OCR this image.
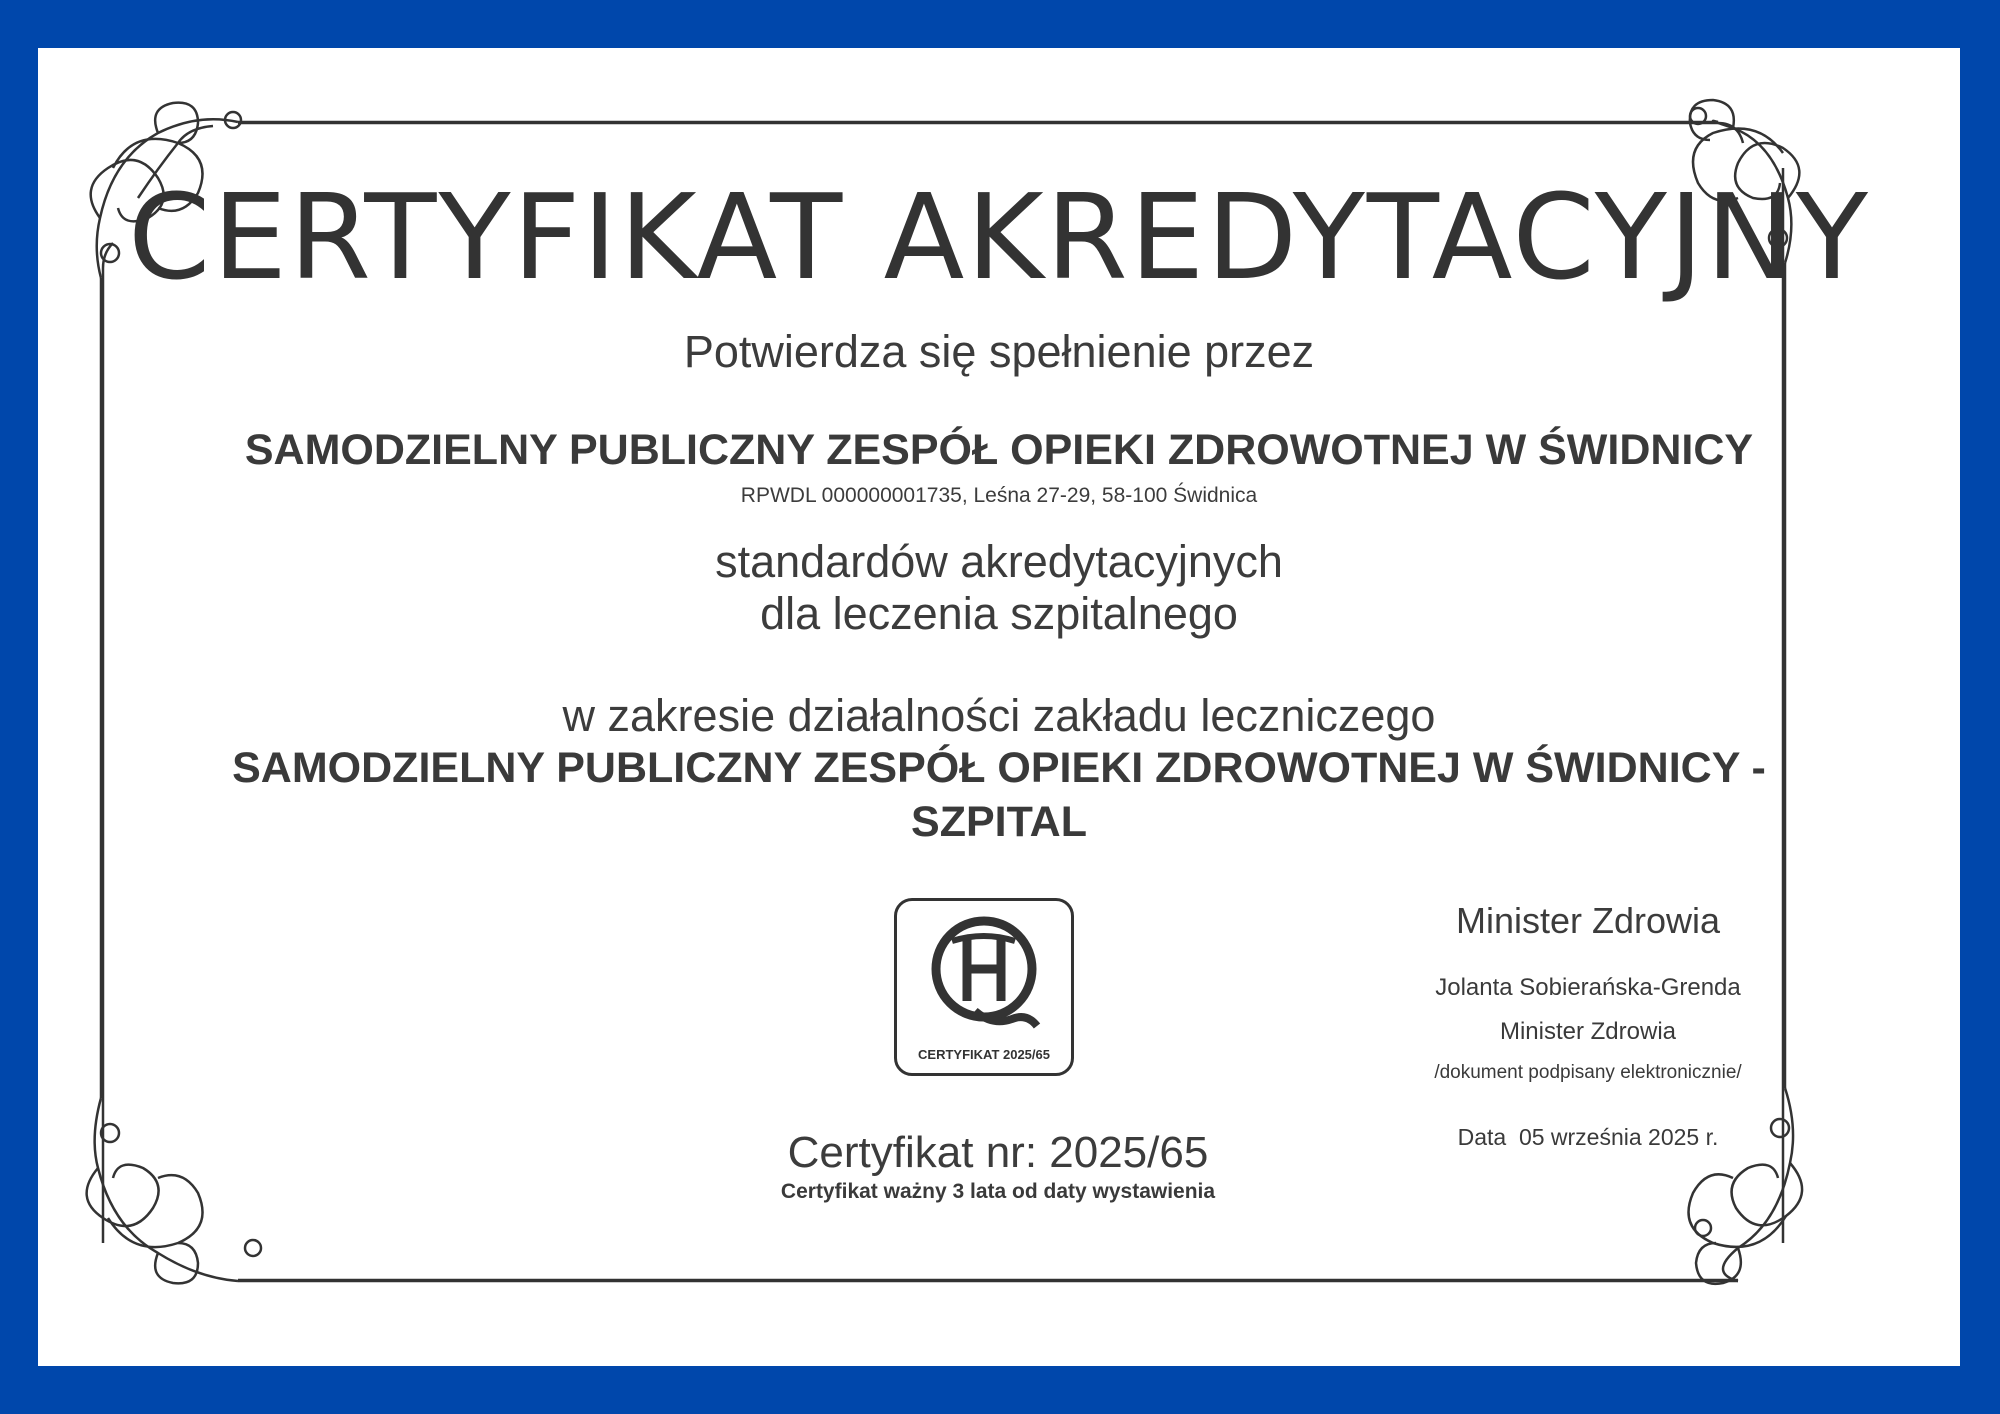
CERTYFIKAT AKREDYTACYJNY

Potwierdza się spełnienie przez

SAMODZIELNY PUBLICZNY ZESPÓŁ OPIEKI ZDROWOTNEJ W ŚWIDNICY

RPWDL 000000001735, Leśna 27-29, 58-100 Świdnica

standardów akredytacyjnych

dla leczenia szpitalnego

w zakresie działalności zakładu leczniczego

SAMODZIELNY PUBLICZNY ZESPÓŁ OPIEKI ZDROWOTNEJ W ŚWIDNICY -

SZPITAL

CERTYFIKAT 2025/65

Certyfikat nr: 2025/65

Certyfikat ważny 3 lata od daty wystawienia

Minister Zdrowia

Jolanta Sobierańska-Grenda

Minister Zdrowia

/dokument podpisany elektronicznie/

Data  05 września 2025 r.
